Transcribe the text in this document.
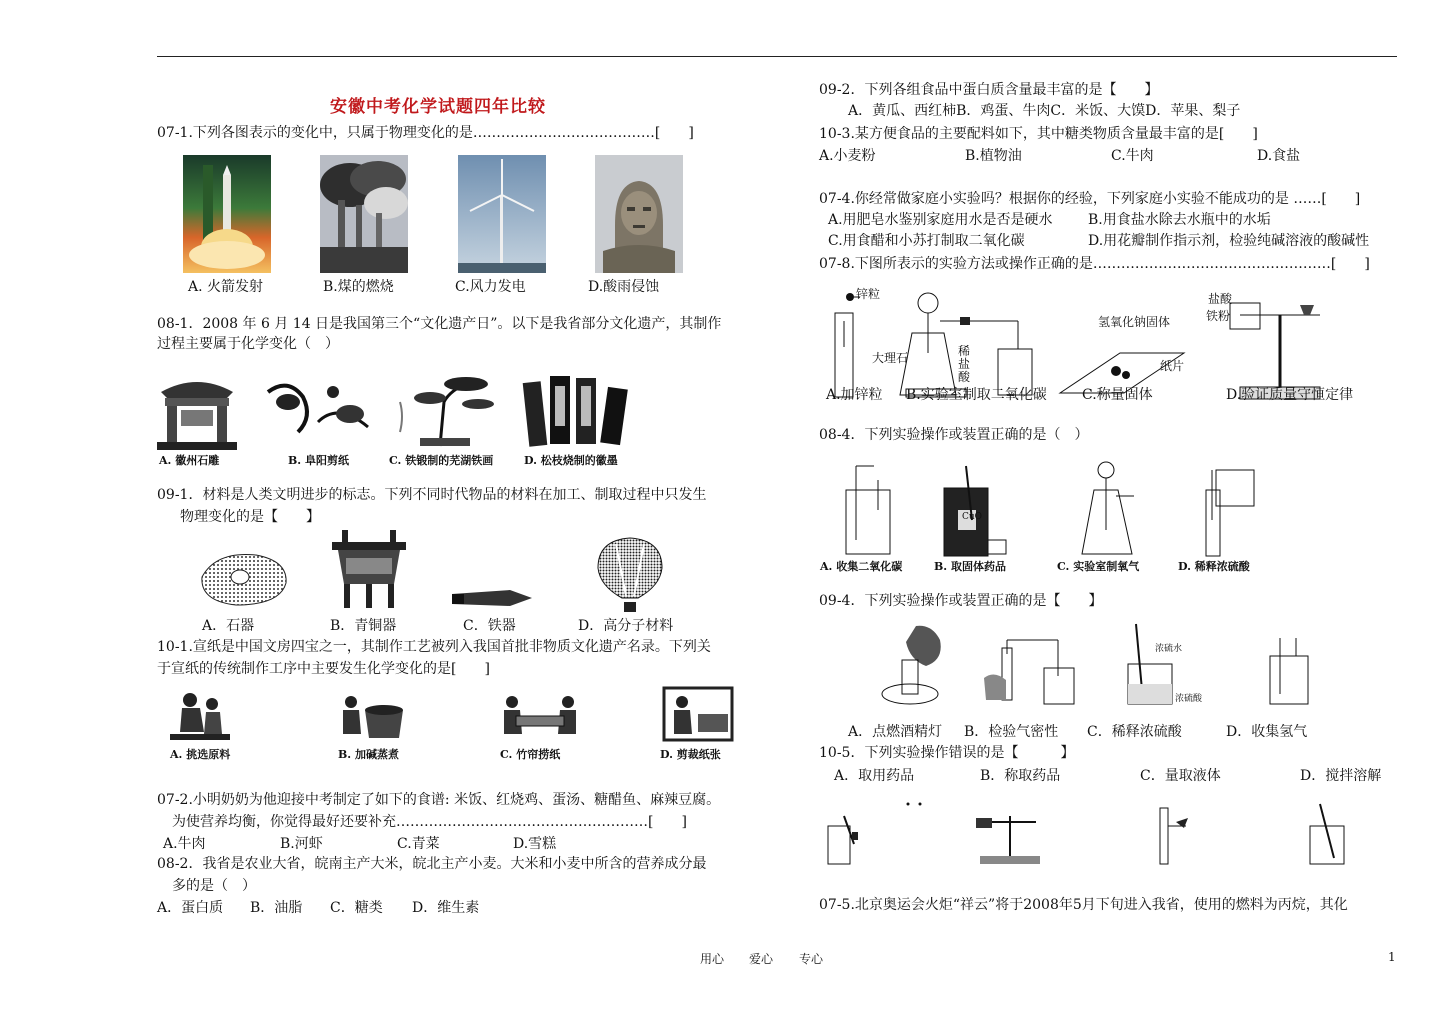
安徽中考化学试题四年比较
07-1.下列各图表示的变化中，只属于物理变化的是…………………………………[　　]
A. 火箭发射	B.煤的燃烧	C.风力发电	D.酸雨侵蚀
08-1．2008 年 6 月 14 日是我国第三个“文化遗产日”。以下是我省部分文化遗产，其制作
过程主要属于化学变化（　）
A. 徽州石雕	B. 阜阳剪纸	C. 铁锻制的芜湖铁画	D. 松枝烧制的徽墨
09-1．材料是人类文明进步的标志。下列不同时代物品的材料在加工、制取过程中只发生
物理变化的是【　　】
A．石器	B．青铜器	C．铁器	D．高分子材料
10-1.宣纸是中国文房四宝之一，其制作工艺被列入我国首批非物质文化遗产名录。下列关
于宣纸的传统制作工序中主要发生化学变化的是[　　]
A. 挑选原料	B. 加碱蒸煮	C. 竹帘捞纸	D. 剪裁纸张
07-2.小明奶奶为他迎接中考制定了如下的食谱: 米饭、红烧鸡、蛋汤、糖醋鱼、麻辣豆腐。
为使营养均衡，你觉得最好还要补充………………………………………………[　　]
A.牛肉	B.河虾	C.青菜	D.雪糕
08-2．我省是农业大省，皖南主产大米，皖北主产小麦。大米和小麦中所含的营养成分最
多的是（　）
A．蛋白质 B．油脂 C．糖类 D．维生素
09-2．下列各组食品中蛋白质含量最丰富的是【　　】
A．黄瓜、西红柿B．鸡蛋、牛肉C．米饭、大馍D．苹果、梨子
10-3.某方便食品的主要配料如下，其中糖类物质含量最丰富的是[　　]
A.小麦粉	B.植物油	C.牛肉	D.食盐
07-4.你经常做家庭小实验吗？根据你的经验，下列家庭小实验不能成功的是 ……[　　]
A.用肥皂水鉴别家庭用水是否是硬水	B.用食盐水除去水瓶中的水垢
C.用食醋和小苏打制取二氧化碳	D.用花瓣制作指示剂，检验纯碱溶液的酸碱性
07-8.下图所表示的实验方法或操作正确的是……………………………………………[　　]
锌粒
大理石	稀盐酸
氢氧化钠固体
纸片
盐酸
铁粉
A.加锌粒 B.实验室制取二氧化碳	C.称量固体	D.验证质量守恒定律
08-4．下列实验操作或装置正确的是（　）
CuO
A. 收集二氧化碳	B. 取固体药品	C. 实验室制氧气	D. 稀释浓硫酸
09-4．下列实验操作或装置正确的是【　　】
浓硫水
浓硫酸
A．点燃酒精灯 B．检验气密性 C．稀释浓硫酸	D．收集氢气
10-5．下列实验操作错误的是【　　　】
A．取用药品	B．称取药品	C．量取液体	D．搅拌溶解
07-5.北京奥运会火炬“祥云”将于2008年5月下旬进入我省，使用的燃料为丙烷，其化
用心 爱心 专心	1
